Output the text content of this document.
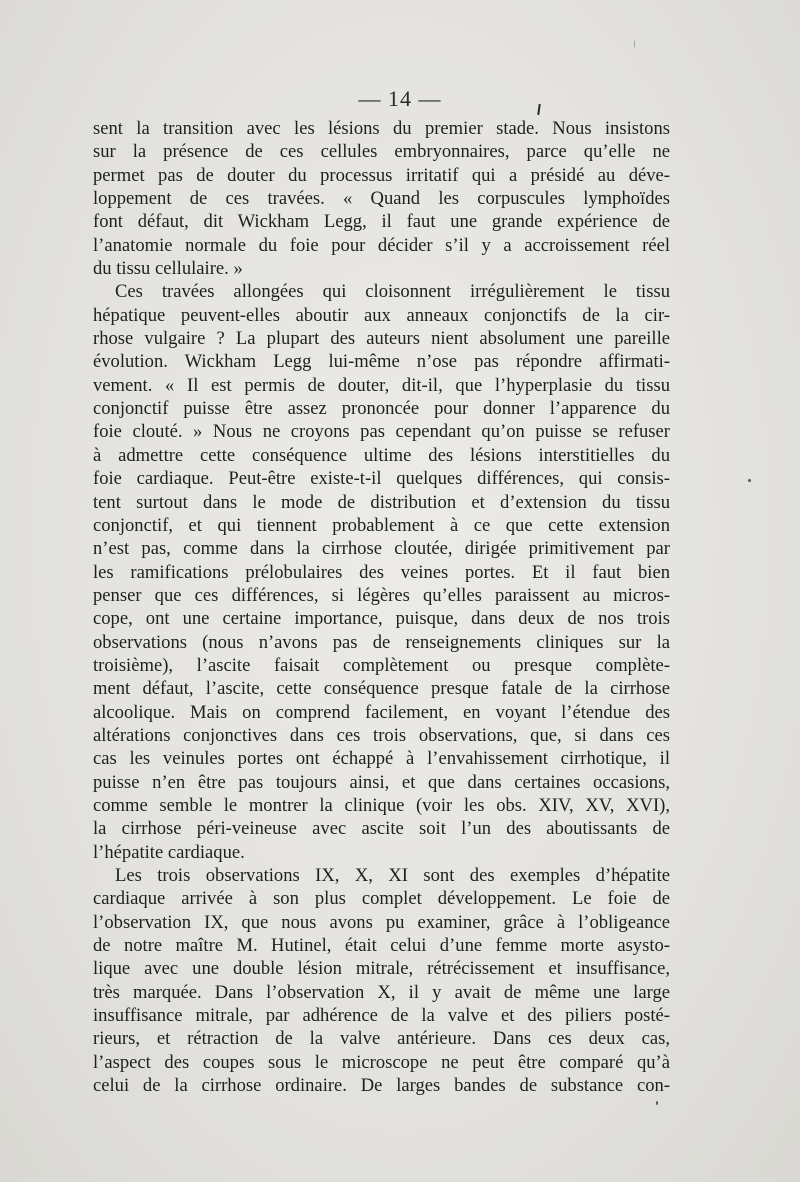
— 14 —
sent la transition avec les lésions du premier stade. Nous insistons
sur la présence de ces cellules embryonnaires, parce qu’elle ne
permet pas de douter du processus irritatif qui a présidé au déve-
loppement de ces travées. « Quand les corpuscules lymphoïdes
font défaut, dit Wickham Legg, il faut une grande expérience de
l’anatomie normale du foie pour décider s’il y a accroissement réel
du tissu cellulaire. »
Ces travées allongées qui cloisonnent irrégulièrement le tissu
hépatique peuvent-elles aboutir aux anneaux conjonctifs de la cir-
rhose vulgaire ? La plupart des auteurs nient absolument une pareille
évolution. Wickham Legg lui-même n’ose pas répondre affirmati-
vement. « Il est permis de douter, dit-il, que l’hyperplasie du tissu
conjonctif puisse être assez prononcée pour donner l’apparence du
foie clouté. » Nous ne croyons pas cependant qu’on puisse se refuser
à admettre cette conséquence ultime des lésions interstitielles du
foie cardiaque. Peut-être existe-t-il quelques différences, qui consis-
tent surtout dans le mode de distribution et d’extension du tissu
conjonctif, et qui tiennent probablement à ce que cette extension
n’est pas, comme dans la cirrhose cloutée, dirigée primitivement par
les ramifications prélobulaires des veines portes. Et il faut bien
penser que ces différences, si légères qu’elles paraissent au micros-
cope, ont une certaine importance, puisque, dans deux de nos trois
observations (nous n’avons pas de renseignements cliniques sur la
troisième), l’ascite faisait complètement ou presque complète-
ment défaut, l’ascite, cette conséquence presque fatale de la cirrhose
alcoolique. Mais on comprend facilement, en voyant l’étendue des
altérations conjonctives dans ces trois observations, que, si dans ces
cas les veinules portes ont échappé à l’envahissement cirrhotique, il
puisse n’en être pas toujours ainsi, et que dans certaines occasions,
comme semble le montrer la clinique (voir les obs. XIV, XV, XVI),
la cirrhose péri-veineuse avec ascite soit l’un des aboutissants de
l’hépatite cardiaque.
Les trois observations IX, X, XI sont des exemples d’hépatite
cardiaque arrivée à son plus complet développement. Le foie de
l’observation IX, que nous avons pu examiner, grâce à l’obligeance
de notre maître M. Hutinel, était celui d’une femme morte asysto-
lique avec une double lésion mitrale, rétrécissement et insuffisance,
très marquée. Dans l’observation X, il y avait de même une large
insuffisance mitrale, par adhérence de la valve et des piliers posté-
rieurs, et rétraction de la valve antérieure. Dans ces deux cas,
l’aspect des coupes sous le microscope ne peut être comparé qu’à
celui de la cirrhose ordinaire. De larges bandes de substance con-
